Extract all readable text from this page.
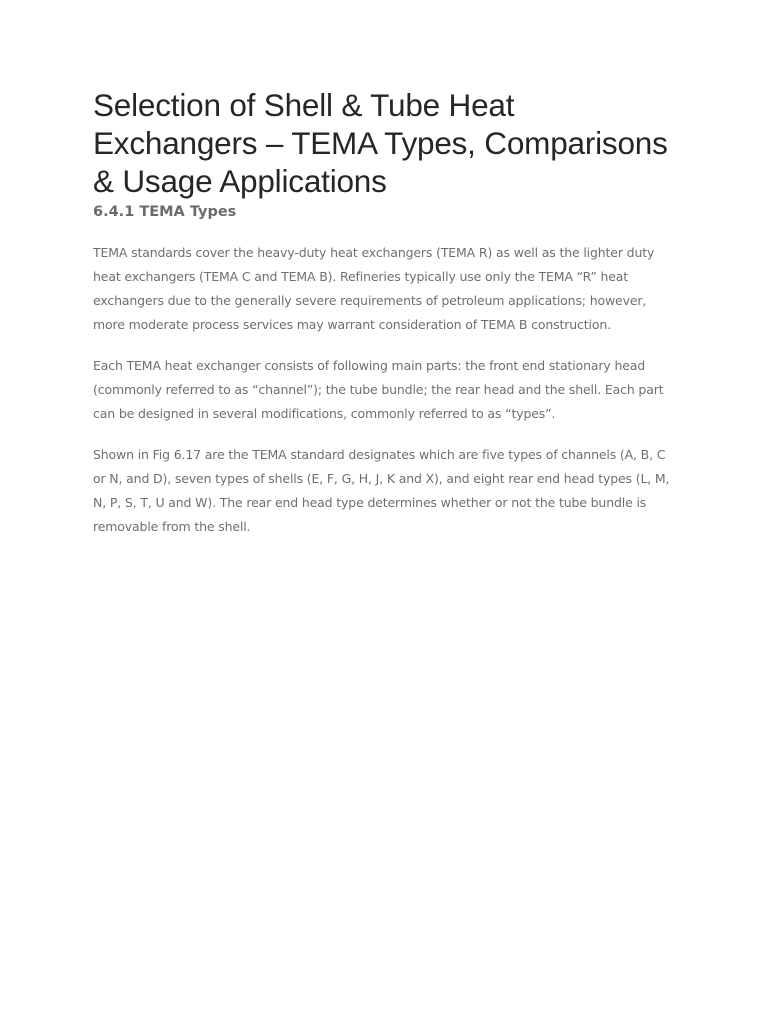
Selection of Shell & Tube Heat Exchangers – TEMA Types, Comparisons & Usage Applications
6.4.1 TEMA Types

TEMA standards cover the heavy-duty heat exchangers (TEMA R) as well as the lighter duty heat exchangers (TEMA C and TEMA B). Refineries typically use only the TEMA “R” heat exchangers due to the generally severe requirements of petroleum applications; however, more moderate process services may warrant consideration of TEMA B construction.

Each TEMA heat exchanger consists of following main parts: the front end stationary head (commonly referred to as “channel”); the tube bundle; the rear head and the shell. Each part can be designed in several modifications, commonly referred to as “types”.

Shown in Fig 6.17 are the TEMA standard designates which are five types of channels (A, B, C or N, and D), seven types of shells (E, F, G, H, J, K and X), and eight rear end head types (L, M, N, P, S, T, U and W). The rear end head type determines whether or not the tube bundle is removable from the shell.
